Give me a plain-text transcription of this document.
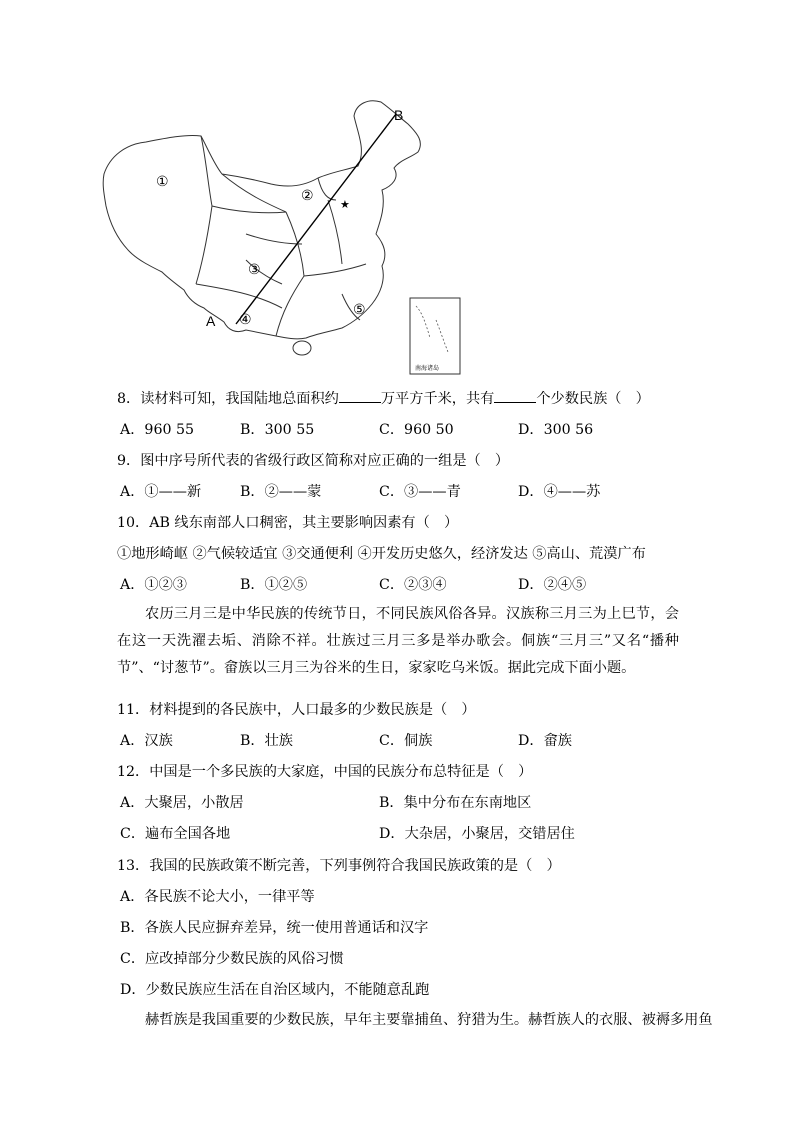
A
B
①
②
③
④
⑤
★
南海诸岛
8．读材料可知，我国陆地总面积约	万平方千米，共有	个少数民族（　）
A．960 55	B．300 55	C．960 50	D．300 56
9．图中序号所代表的省级行政区简称对应正确的一组是（　）
A．①——新	B．②——蒙	C．③——青	D．④——苏
10．AB 线东南部人口稠密，其主要影响因素有（　）
①地形崎岖 ②气候较适宜 ③交通便利 ④开发历史悠久，经济发达 ⑤高山、荒漠广布
A．①②③	B．①②⑤	C．②③④	D．②④⑤
农历三月三是中华民族的传统节日，不同民族风俗各异。汉族称三月三为上巳节，会在这一天洗濯去垢、消除不祥。壮族过三月三多是举办歌会。侗族“三月三”又名“播种节”、“讨葱节”。畲族以三月三为谷米的生日，家家吃乌米饭。据此完成下面小题。
11．材料提到的各民族中，人口最多的少数民族是（　）
A．汉族	B．壮族	C．侗族	D．畲族
12．中国是一个多民族的大家庭，中国的民族分布总特征是（　）
A．大聚居，小散居	B．集中分布在东南地区
C．遍布全国各地	D．大杂居，小聚居，交错居住
13．我国的民族政策不断完善，下列事例符合我国民族政策的是（　）
A．各民族不论大小，一律平等
B．各族人民应摒弃差异，统一使用普通话和汉字
C．应改掉部分少数民族的风俗习惯
D．少数民族应生活在自治区域内，不能随意乱跑
赫哲族是我国重要的少数民族，早年主要靠捕鱼、狩猎为生。赫哲族人的衣服、被褥多用鱼
